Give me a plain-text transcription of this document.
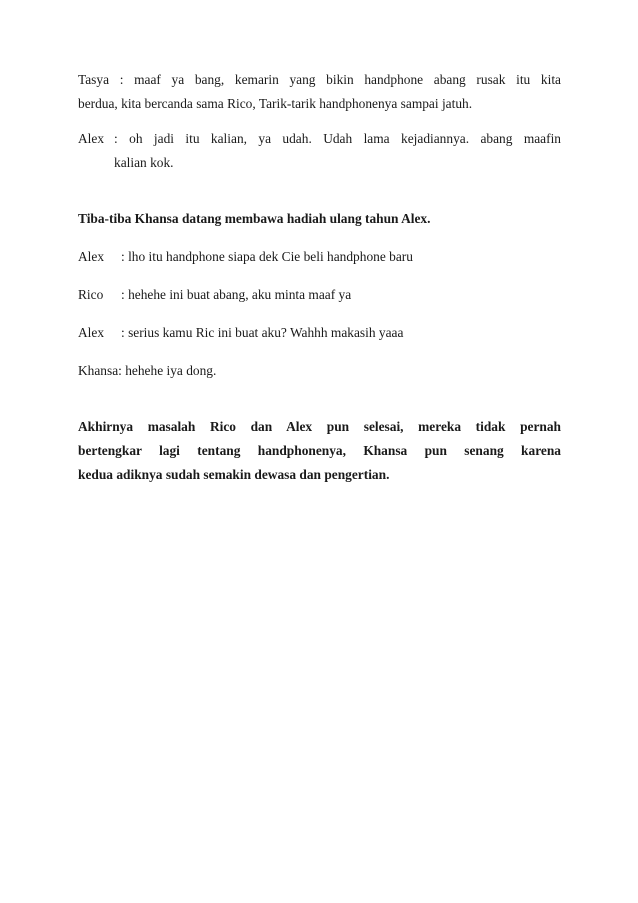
Tasya : maaf ya bang, kemarin yang bikin handphone abang rusak itu kita

berdua, kita bercanda sama Rico, Tarik-tarik handphonenya sampai jatuh.

Alex : oh jadi itu kalian, ya udah. Udah lama kejadiannya. abang maafin

kalian kok.

Tiba-tiba Khansa datang membawa hadiah ulang tahun Alex.

Alex	: lho itu handphone siapa dek Cie beli handphone baru
Rico	: hehehe ini buat abang, aku minta maaf ya
Alex	: serius kamu Ric ini buat aku? Wahhh makasih yaaa

Khansa: hehehe iya dong.

Akhirnya masalah Rico dan Alex pun selesai, mereka tidak pernah

bertengkar lagi tentang handphonenya, Khansa pun senang karena

kedua adiknya sudah semakin dewasa dan pengertian.
